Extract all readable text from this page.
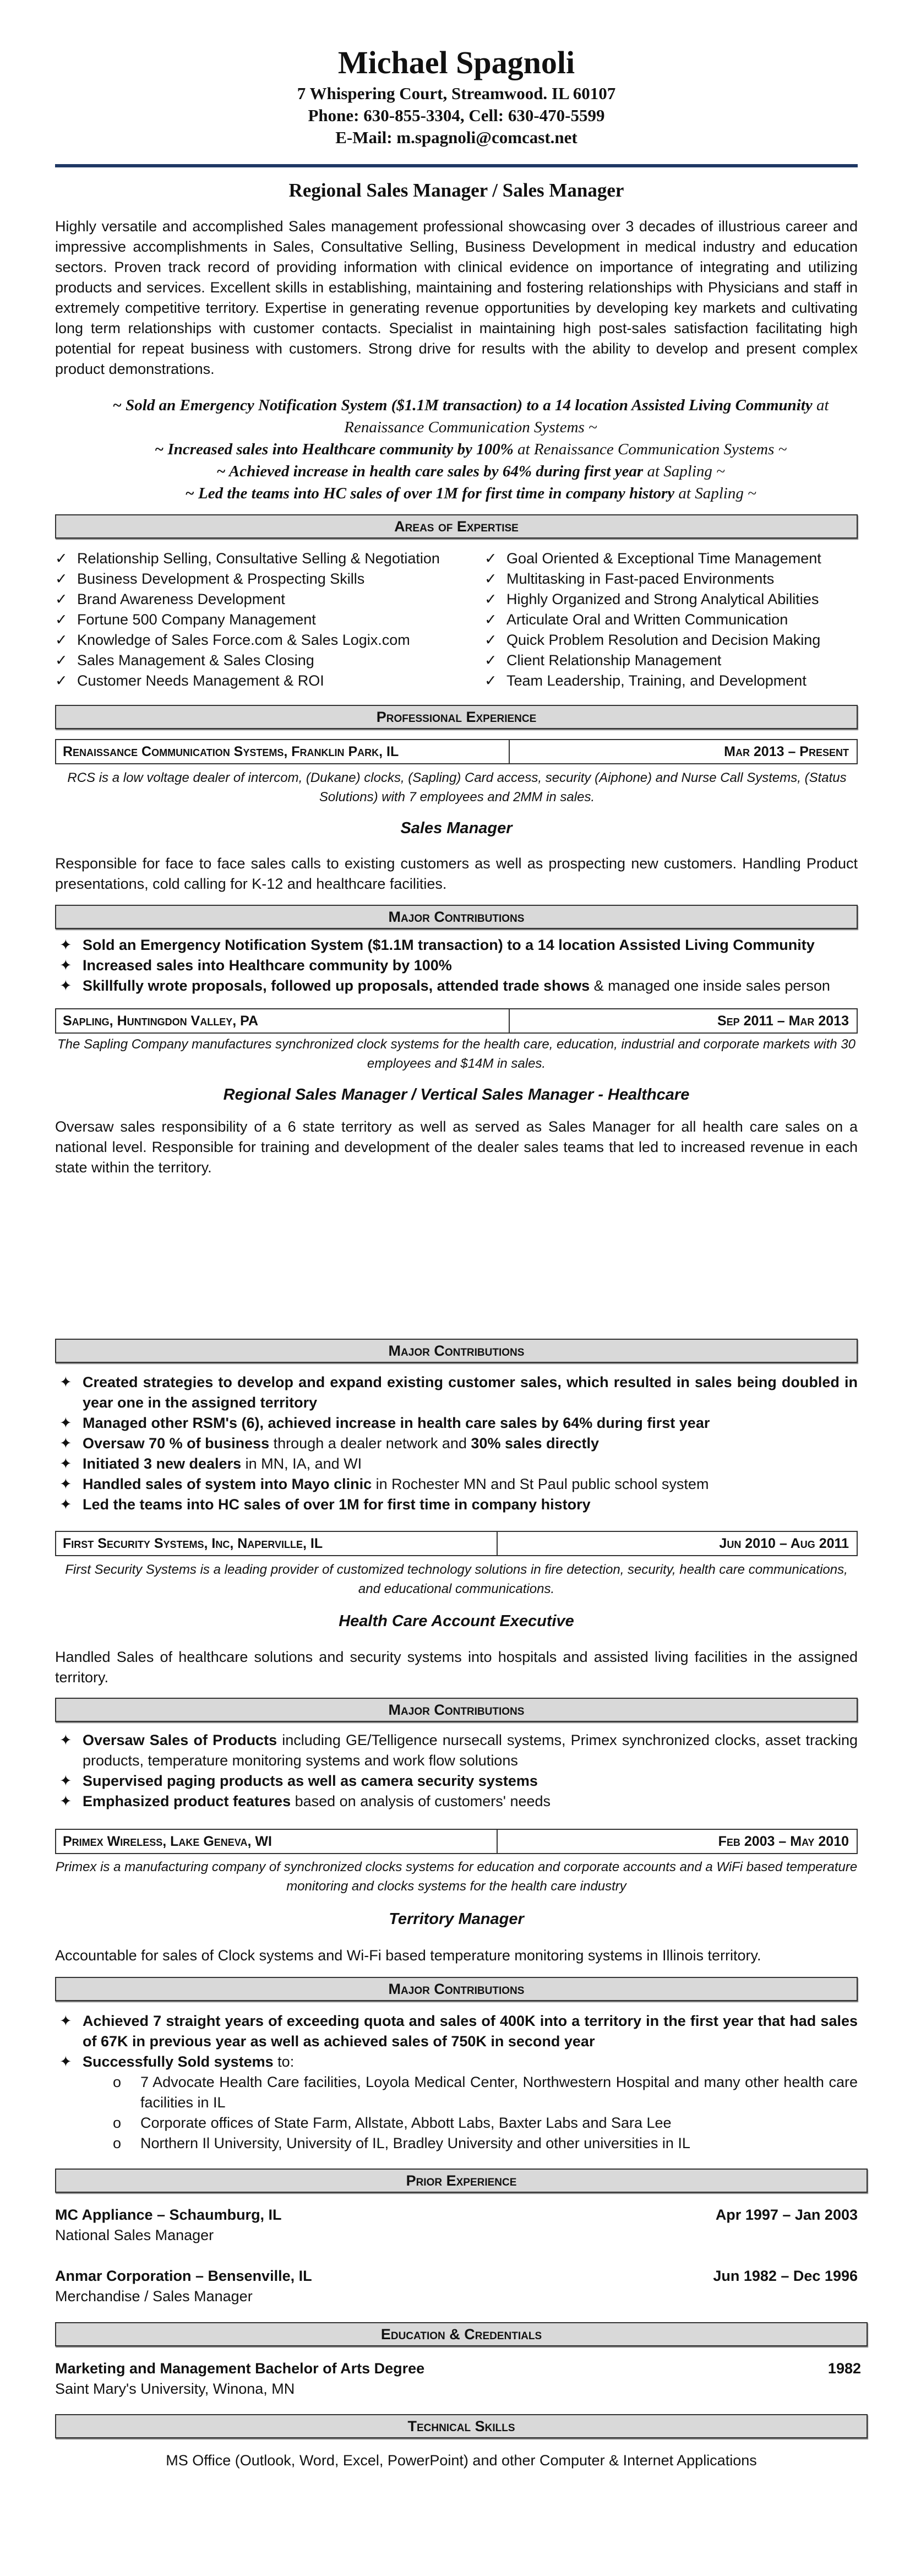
Michael Spagnoli
7 Whispering Court, Streamwood. IL 60107
Phone: 630-855-3304, Cell: 630-470-5599
E-Mail: m.spagnoli@comcast.net
Regional Sales Manager / Sales Manager
Highly versatile and accomplished Sales management professional showcasing over 3 decades of illustrious career and impressive accomplishments in Sales, Consultative Selling, Business Development in medical industry and education sectors. Proven track record of providing information with clinical evidence on importance of integrating and utilizing products and services. Excellent skills in establishing, maintaining and fostering relationships with Physicians and staff in extremely competitive territory. Expertise in generating revenue opportunities by developing key markets and cultivating long term relationships with customer contacts. Specialist in maintaining high post-sales satisfaction facilitating high potential for repeat business with customers. Strong drive for results with the ability to develop and present complex product demonstrations.
~ Sold an Emergency Notification System ($1.1M transaction) to a 14 location Assisted Living Community at Renaissance Communication Systems ~
~ Increased sales into Healthcare community by 100% at Renaissance Communication Systems ~
~ Achieved increase in health care sales by 64% during first year at Sapling ~
~ Led the teams into HC sales of over 1M for first time in company history at Sapling ~
Areas of Expertise
✓ Relationship Selling, Consultative Selling & Negotiation	✓ Goal Oriented & Exceptional Time Management
✓ Business Development & Prospecting Skills	✓ Multitasking in Fast-paced Environments
✓ Brand Awareness Development	✓ Highly Organized and Strong Analytical Abilities
✓ Fortune 500 Company Management	✓ Articulate Oral and Written Communication
✓ Knowledge of Sales Force.com & Sales Logix.com	✓ Quick Problem Resolution and Decision Making
✓ Sales Management & Sales Closing	✓ Client Relationship Management
✓ Customer Needs Management & ROI	✓ Team Leadership, Training, and Development
Professional Experience
Renaissance Communication Systems, Franklin Park, IL	Mar 2013 – Present
RCS is a low voltage dealer of intercom, (Dukane) clocks, (Sapling) Card access, security (Aiphone) and Nurse Call Systems, (Status Solutions) with 7 employees and 2MM in sales.
Sales Manager
Responsible for face to face sales calls to existing customers as well as prospecting new customers. Handling Product presentations, cold calling for K-12 and healthcare facilities.
Major Contributions
✦ Sold an Emergency Notification System ($1.1M transaction) to a 14 location Assisted Living Community
✦ Increased sales into Healthcare community by 100%
✦ Skillfully wrote proposals, followed up proposals, attended trade shows & managed one inside sales person
Sapling, Huntingdon Valley, PA	Sep 2011 – Mar 2013
The Sapling Company manufactures synchronized clock systems for the health care, education, industrial and corporate markets with 30 employees and $14M in sales.
Regional Sales Manager / Vertical Sales Manager - Healthcare
Oversaw sales responsibility of a 6 state territory as well as served as Sales Manager for all health care sales on a national level. Responsible for training and development of the dealer sales teams that led to increased revenue in each state within the territory.
Major Contributions
✦ Created strategies to develop and expand existing customer sales, which resulted in sales being doubled in year one in the assigned territory
✦ Managed other RSM's (6), achieved increase in health care sales by 64% during first year
✦ Oversaw 70 % of business through a dealer network and 30% sales directly
✦ Initiated 3 new dealers in MN, IA, and WI
✦ Handled sales of system into Mayo clinic in Rochester MN and St Paul public school system
✦ Led the teams into HC sales of over 1M for first time in company history
First Security Systems, Inc, Naperville, IL	Jun 2010 – Aug 2011
First Security Systems is a leading provider of customized technology solutions in fire detection, security, health care communications, and educational communications.
Health Care Account Executive
Handled Sales of healthcare solutions and security systems into hospitals and assisted living facilities in the assigned territory.
Major Contributions
✦ Oversaw Sales of Products including GE/Telligence nursecall systems, Primex synchronized clocks, asset tracking products, temperature monitoring systems and work flow solutions
✦ Supervised paging products as well as camera security systems
✦ Emphasized product features based on analysis of customers' needs
Primex Wireless, Lake Geneva, WI	Feb 2003 – May 2010
Primex is a manufacturing company of synchronized clocks systems for education and corporate accounts and a WiFi based temperature monitoring and clocks systems for the health care industry
Territory Manager
Accountable for sales of Clock systems and Wi-Fi based temperature monitoring systems in Illinois territory.
Major Contributions
✦ Achieved 7 straight years of exceeding quota and sales of 400K into a territory in the first year that had sales of 67K in previous year as well as achieved sales of 750K in second year
✦ Successfully Sold systems to:
o	7 Advocate Health Care facilities, Loyola Medical Center, Northwestern Hospital and many other health care facilities in IL
o	Corporate offices of State Farm, Allstate, Abbott Labs, Baxter Labs and Sara Lee
o	Northern Il University, University of IL, Bradley University and other universities in IL
Prior Experience
MC Appliance – Schaumburg, IL	Apr 1997 – Jan 2003
National Sales Manager
Anmar Corporation – Bensenville, IL	Jun 1982 – Dec 1996
Merchandise / Sales Manager
Education & Credentials
Marketing and Management Bachelor of Arts Degree	1982
Saint Mary's University, Winona, MN
Technical Skills
MS Office (Outlook, Word, Excel, PowerPoint) and other Computer & Internet Applications
